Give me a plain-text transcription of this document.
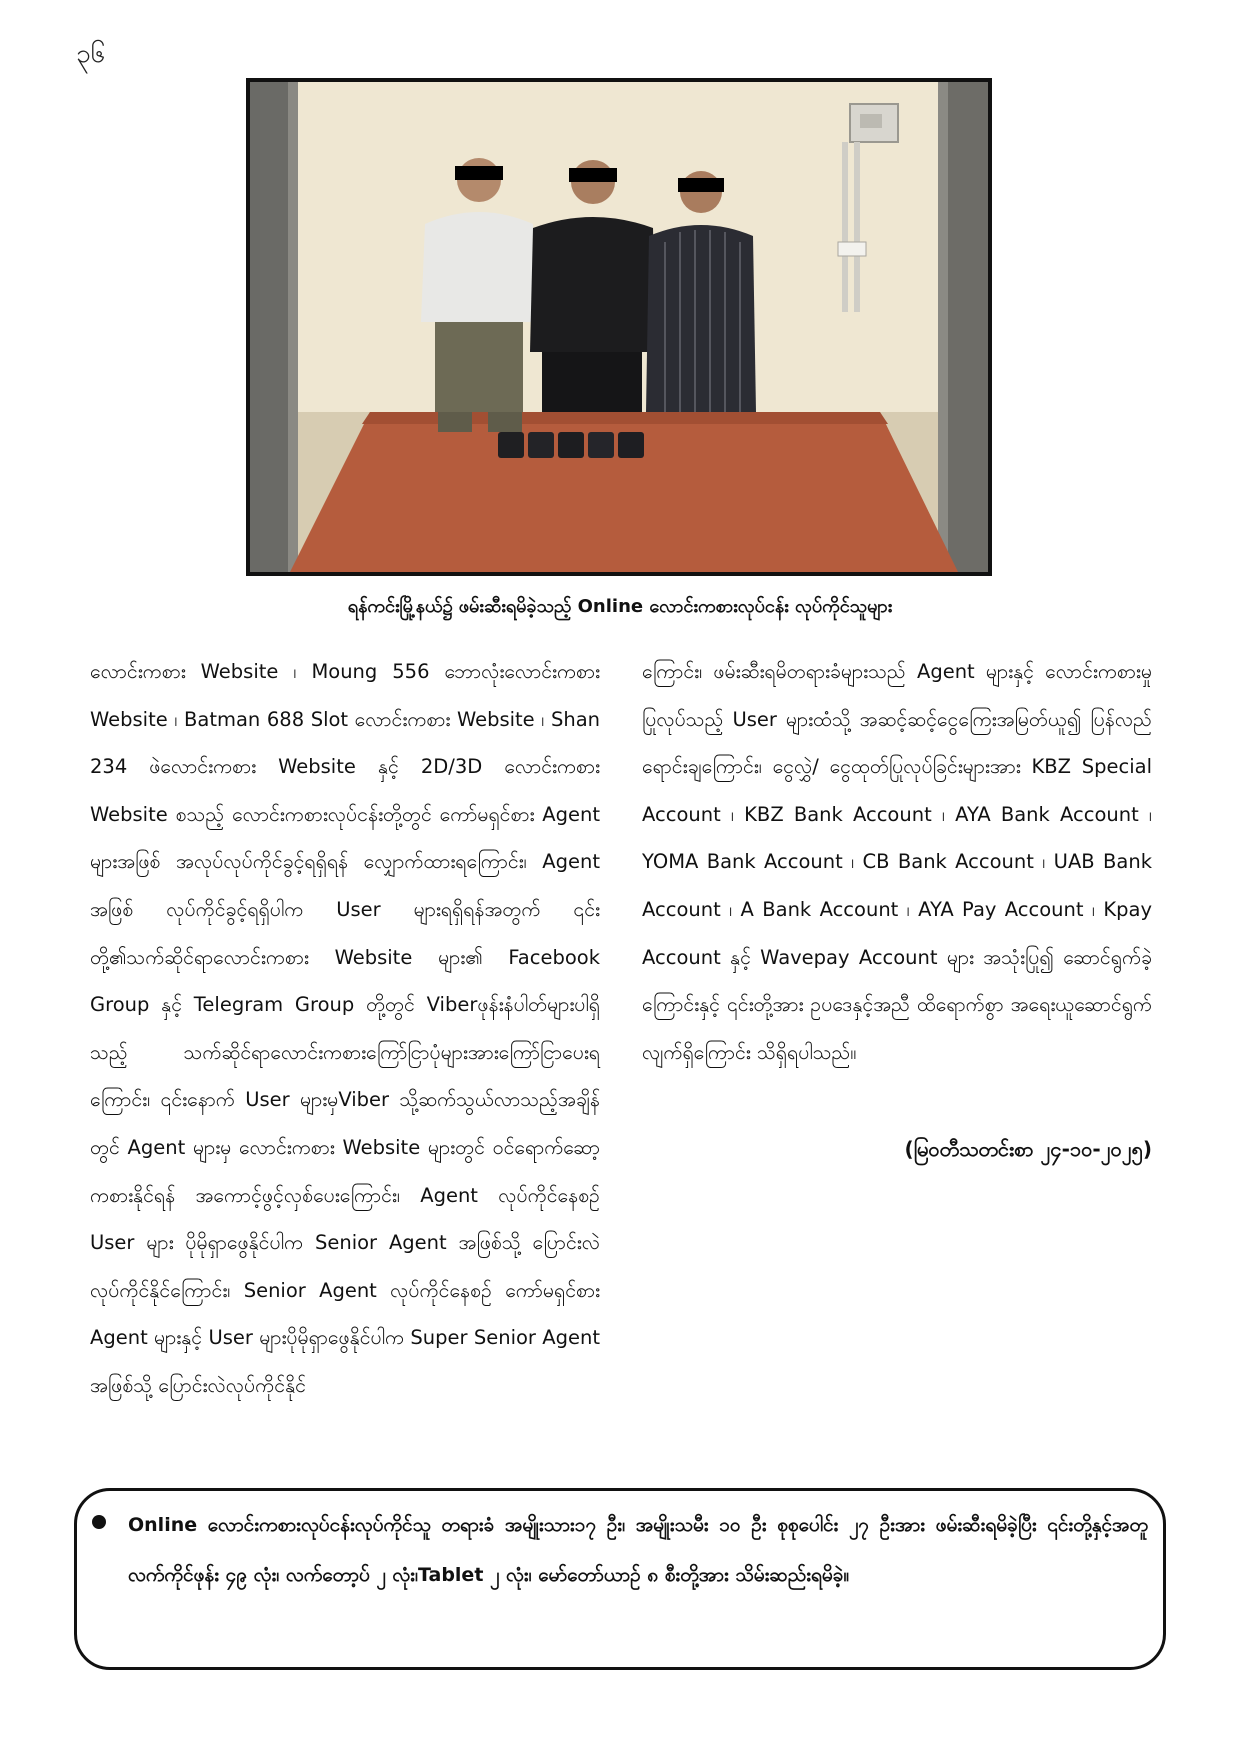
၃၆
ရန်ကင်းမြို့နယ်၌ ဖမ်းဆီးရမိခဲ့သည့် Online လောင်းကစားလုပ်ငန်း လုပ်ကိုင်သူများ
လောင်းကစား Website ၊ Moung 556 ဘောလုံးလောင်းကစား Website ၊ Batman 688 Slot လောင်းကစား Website ၊ Shan 234 ဖဲလောင်းကစား Website နှင့် 2D/3D လောင်းကစား Website စသည့် လောင်းကစားလုပ်ငန်းတို့တွင် ကော်မရှင်စား Agent များအဖြစ် အလုပ်လုပ်ကိုင်ခွင့်ရရှိရန် လျှောက်ထားရကြောင်း၊ Agent အဖြစ် လုပ်ကိုင်ခွင့်ရရှိပါက User များရရှိရန်အတွက် ၎င်းတို့၏သက်ဆိုင်ရာလောင်းကစား Website များ၏ Facebook Group နှင့် Telegram Group တို့တွင် Viberဖုန်းနံပါတ်များပါရှိသည့် သက်ဆိုင်ရာလောင်းကစားကြော်ငြာပုံများအားကြော်ငြာပေးရကြောင်း၊ ၎င်းနောက် User များမှViber သို့ဆက်သွယ်လာသည့်အချိန်တွင် Agent များမှ လောင်းကစား Website များတွင် ဝင်ရောက်ဆော့ကစားနိုင်ရန် အကောင့်ဖွင့်လှစ်ပေးကြောင်း၊ Agent လုပ်ကိုင်နေစဉ် User များ ပိုမိုရှာဖွေနိုင်ပါက Senior Agent အဖြစ်သို့ ပြောင်းလဲလုပ်ကိုင်နိုင်ကြောင်း၊ Senior Agent လုပ်ကိုင်နေစဉ် ကော်မရှင်စား Agent များနှင့် User များပိုမိုရှာဖွေနိုင်ပါက Super Senior Agent အဖြစ်သို့ ပြောင်းလဲလုပ်ကိုင်နိုင်
ကြောင်း၊ ဖမ်းဆီးရမိတရားခံများသည် Agent များနှင့် လောင်းကစားမှုပြုလုပ်သည့် User များထံသို့ အဆင့်ဆင့်ငွေကြေးအမြတ်ယူ၍ ပြန်လည်ရောင်းချကြောင်း၊ ငွေလွှဲ/ ငွေထုတ်ပြုလုပ်ခြင်းများအား KBZ Special Account ၊ KBZ Bank Account ၊ AYA Bank Account ၊ YOMA Bank Account ၊ CB Bank Account ၊ UAB Bank Account ၊ A Bank Account ၊ AYA Pay Account ၊ Kpay Account နှင့် Wavepay Account များ အသုံးပြု၍ ဆောင်ရွက်ခဲ့ကြောင်းနှင့် ၎င်းတို့အား ဥပဒေနှင့်အညီ ထိရောက်စွာ အရေးယူဆောင်ရွက်လျက်ရှိကြောင်း သိရှိရပါသည်။
(မြဝတီသတင်းစာ ၂၄-၁၀-၂၀၂၅)
Online လောင်းကစားလုပ်ငန်းလုပ်ကိုင်သူ တရားခံ အမျိုးသား၁၇ ဦး၊ အမျိုးသမီး ၁၀ ဦး စုစုပေါင်း ၂၇ ဦးအား ဖမ်းဆီးရမိခဲ့ပြီး ၎င်းတို့နှင့်အတူ လက်ကိုင်ဖုန်း ၄၉ လုံး၊ လက်တော့ပ် ၂ လုံး၊Tablet ၂ လုံး၊ မော်တော်ယာဉ် ၈ စီးတို့အား သိမ်းဆည်းရမိခဲ့။
